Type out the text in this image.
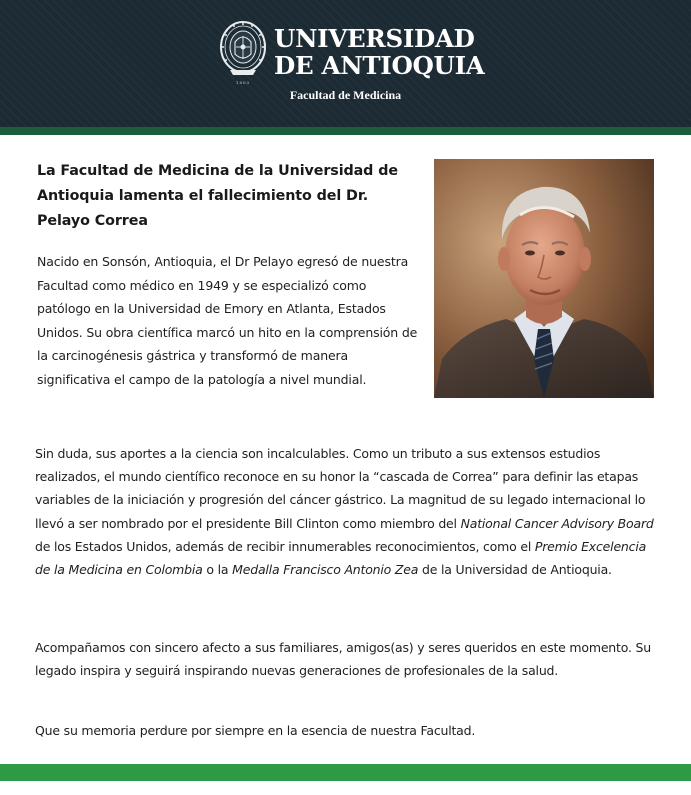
1803
UNIVERSIDAD
DE ANTIOQUIA
Facultad de Medicina
La Facultad de Medicina de la Universidad de Antioquia lamenta el fallecimiento del Dr. Pelayo Correa

Nacido en Sonsón, Antioquia, el Dr Pelayo egresó de nuestra Facultad como médico en 1949 y se especializó como patólogo en la Universidad de Emory en Atlanta, Estados Unidos. Su obra científica marcó un hito en la comprensión de la carcinogénesis gástrica y transformó de manera significativa el campo de la patología a nivel mundial.

Sin duda, sus aportes a la ciencia son incalculables. Como un tributo a sus extensos estudios realizados, el mundo científico reconoce en su honor la “cascada de Correa” para definir las etapas variables de la iniciación y progresión del cáncer gástrico. La magnitud de su legado internacional lo llevó a ser nombrado por el presidente Bill Clinton como miembro del National Cancer Advisory Board de los Estados Unidos, además de recibir innumerables reconocimientos, como el Premio Excelencia de la Medicina en Colombia o la Medalla Francisco Antonio Zea de la Universidad de Antioquia.

Acompañamos con sincero afecto a sus familiares, amigos(as) y seres queridos en este momento. Su legado inspira y seguirá inspirando nuevas generaciones de profesionales de la salud.

Que su memoria perdure por siempre en la esencia de nuestra Facultad.
